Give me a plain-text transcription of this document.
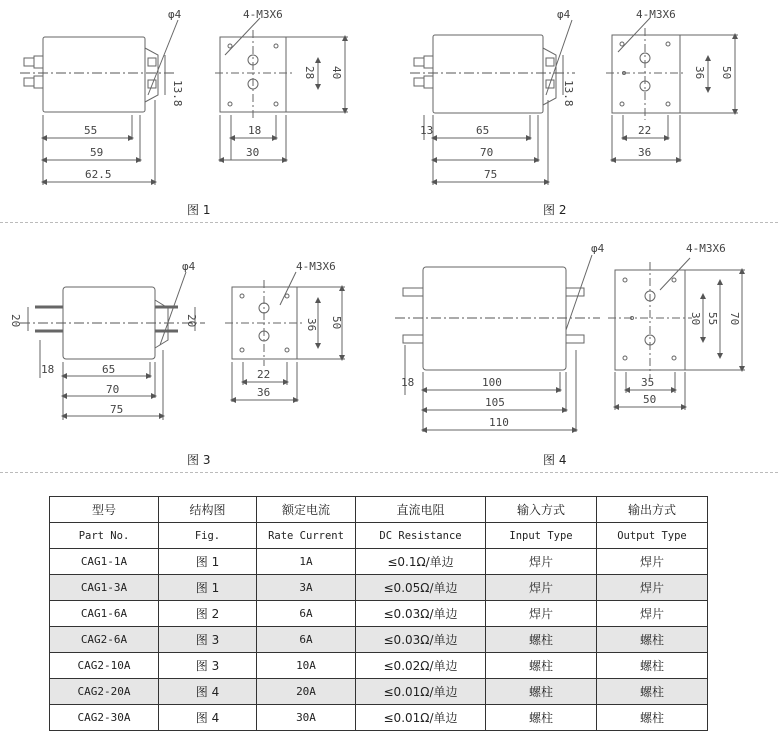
φ4	4-M3X6
55
59
62.5
13.8
18
30
28 40
φ4	4-M3X6
13	65
70
75
13.8
22
36
36 50
φ4	4-M3X6
18	65
70
75
20	20
22
36
36 50
φ4	4-M3X6
18	100
105
110
35
50
30 55 70
图 1	图 2
图 3	图 4
型号	结构图	额定电流	直流电阻	输入方式	输出方式
Part No.	Fig.	Rate Current	DC Resistance	Input Type	Output Type
CAG1-1A	图 1	1A	≤0.1Ω/单边	焊片	焊片
CAG1-3A	图 1	3A	≤0.05Ω/单边	焊片	焊片
CAG1-6A	图 2	6A	≤0.03Ω/单边	焊片	焊片
CAG2-6A	图 3	6A	≤0.03Ω/单边	螺柱	螺柱
CAG2-10A	图 3	10A	≤0.02Ω/单边	螺柱	螺柱
CAG2-20A	图 4	20A	≤0.01Ω/单边	螺柱	螺柱
CAG2-30A	图 4	30A	≤0.01Ω/单边	螺柱	螺柱
